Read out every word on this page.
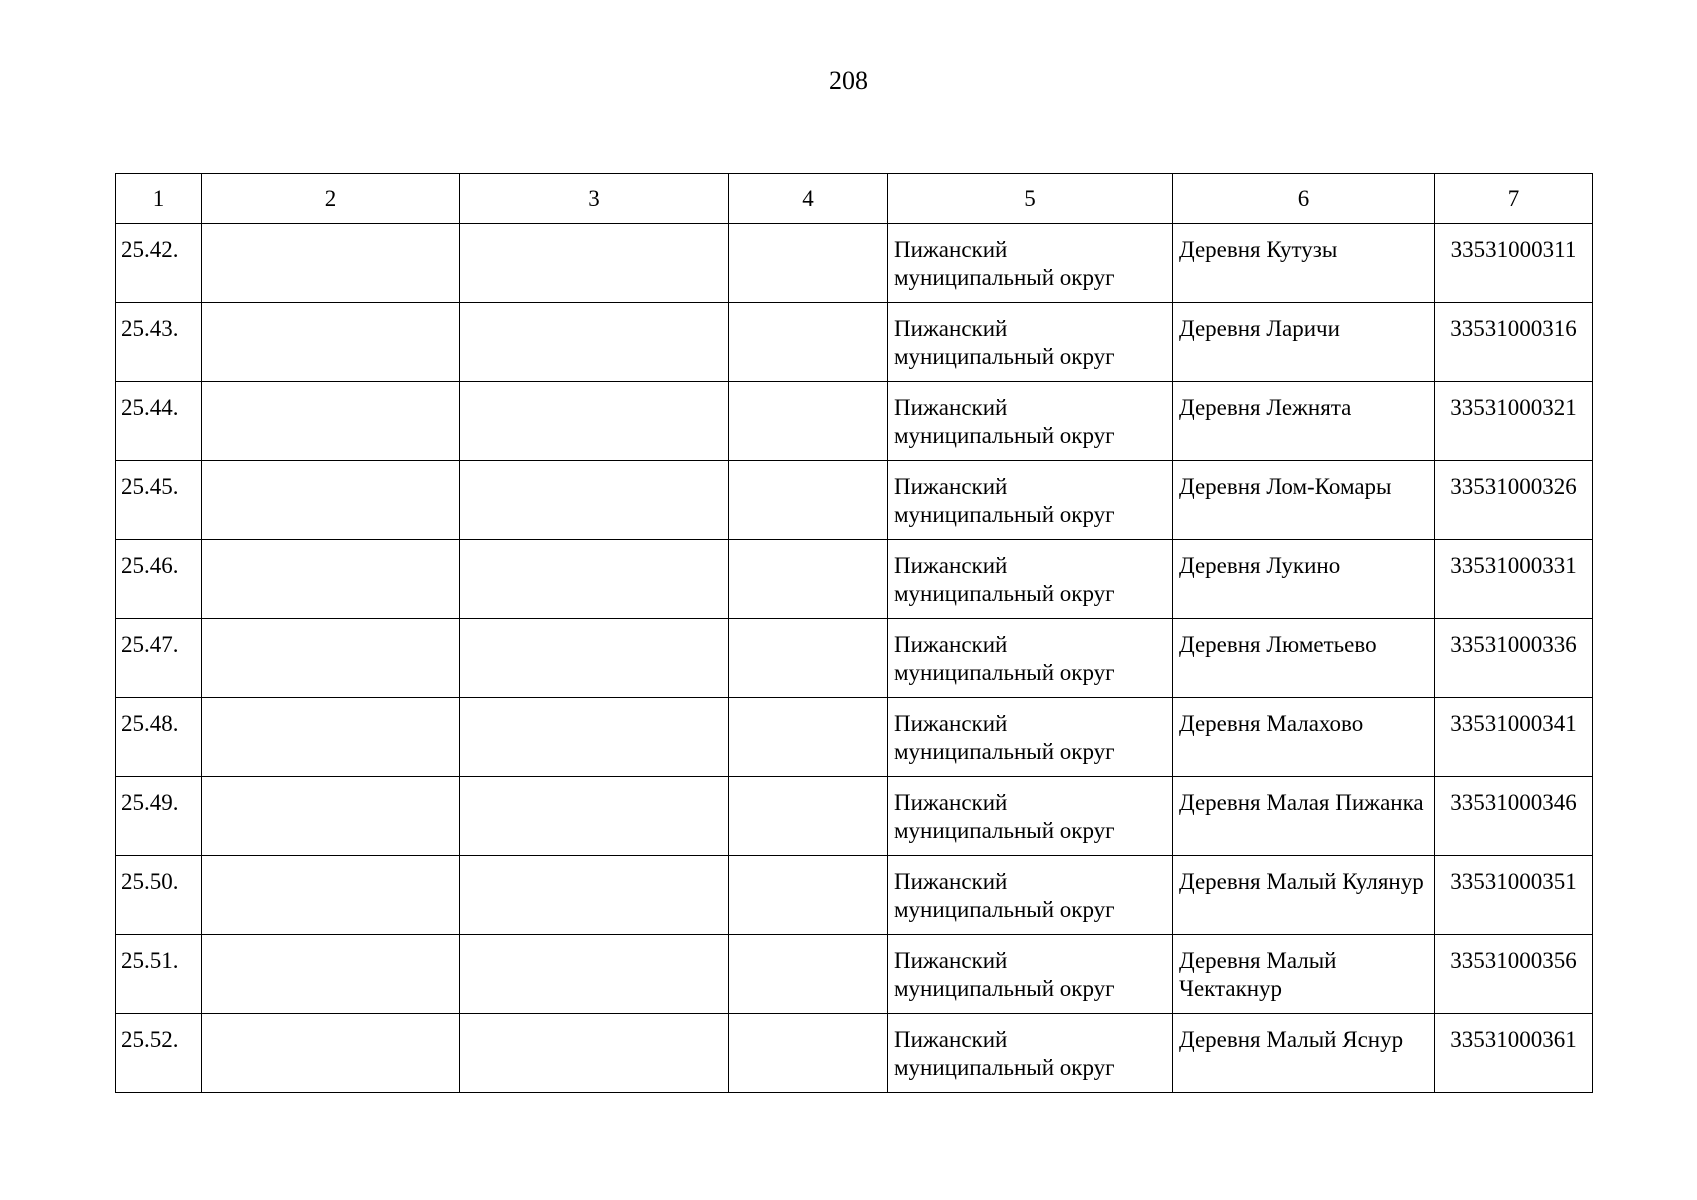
208
1	2	3	4	5	6	7
25.42.				Пижанский муниципальный округ	Деревня Кутузы	33531000311
25.43.				Пижанский муниципальный округ	Деревня Ларичи	33531000316
25.44.				Пижанский муниципальный округ	Деревня Лежнята	33531000321
25.45.				Пижанский муниципальный округ	Деревня Лом-Комары	33531000326
25.46.				Пижанский муниципальный округ	Деревня Лукино	33531000331
25.47.				Пижанский муниципальный округ	Деревня Люметьево	33531000336
25.48.				Пижанский муниципальный округ	Деревня Малахово	33531000341
25.49.				Пижанский муниципальный округ	Деревня Малая Пижанка	33531000346
25.50.				Пижанский муниципальный округ	Деревня Малый Кулянур	33531000351
25.51.				Пижанский муниципальный округ	Деревня Малый Чектакнур	33531000356
25.52.				Пижанский муниципальный округ	Деревня Малый Яснур	33531000361
